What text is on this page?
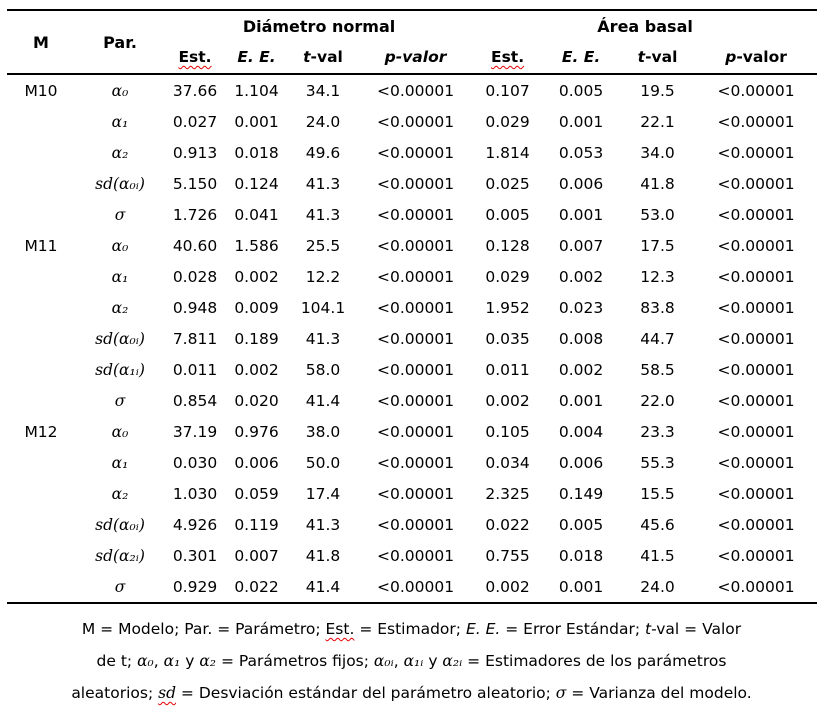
M	Par.	Diámetro normal				Área basal			
		Est.	E. E.	t-val	p-valor	Est.	E. E.	t-val	p-valor
M10	α₀	37.66	1.104	34.1	<0.00001	0.107	0.005	19.5	<0.00001
	α₁	0.027	0.001	24.0	<0.00001	0.029	0.001	22.1	<0.00001
	α₂	0.913	0.018	49.6	<0.00001	1.814	0.053	34.0	<0.00001
	sd(α₀ᵢ)	5.150	0.124	41.3	<0.00001	0.025	0.006	41.8	<0.00001
	σ	1.726	0.041	41.3	<0.00001	0.005	0.001	53.0	<0.00001
M11	α₀	40.60	1.586	25.5	<0.00001	0.128	0.007	17.5	<0.00001
	α₁	0.028	0.002	12.2	<0.00001	0.029	0.002	12.3	<0.00001
	α₂	0.948	0.009	104.1	<0.00001	1.952	0.023	83.8	<0.00001
	sd(α₀ᵢ)	7.811	0.189	41.3	<0.00001	0.035	0.008	44.7	<0.00001
	sd(α₁ᵢ)	0.011	0.002	58.0	<0.00001	0.011	0.002	58.5	<0.00001
	σ	0.854	0.020	41.4	<0.00001	0.002	0.001	22.0	<0.00001
M12	α₀	37.19	0.976	38.0	<0.00001	0.105	0.004	23.3	<0.00001
	α₁	0.030	0.006	50.0	<0.00001	0.034	0.006	55.3	<0.00001
	α₂	1.030	0.059	17.4	<0.00001	2.325	0.149	15.5	<0.00001
	sd(α₀ᵢ)	4.926	0.119	41.3	<0.00001	0.022	0.005	45.6	<0.00001
	sd(α₂ᵢ)	0.301	0.007	41.8	<0.00001	0.755	0.018	41.5	<0.00001
	σ	0.929	0.022	41.4	<0.00001	0.002	0.001	24.0	<0.00001
M = Modelo; Par. = Parámetro; Est. = Estimador; E. E. = Error Estándar; t-val = Valor
de t; α₀, α₁ y α₂ = Parámetros fijos; α₀ᵢ, α₁ᵢ y α₂ᵢ = Estimadores de los parámetros
aleatorios; sd = Desviación estándar del parámetro aleatorio; σ = Varianza del modelo.
